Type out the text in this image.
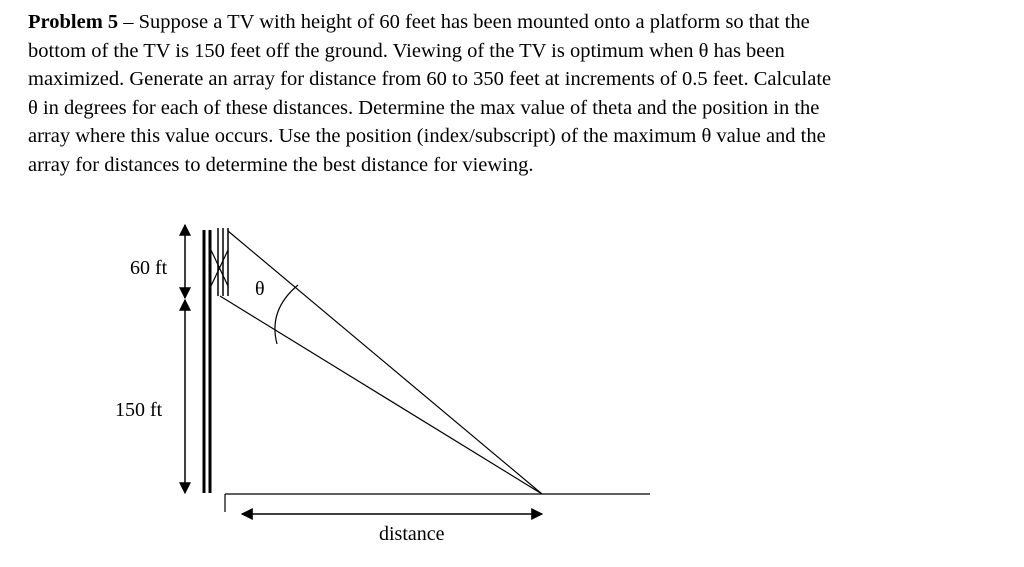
Problem 5 – Suppose a TV with height of 60 feet has been mounted onto a platform so that the
bottom of the TV is 150 feet off the ground. Viewing of the TV is optimum when θ has been
maximized. Generate an array for distance from 60 to 350 feet at increments of 0.5 feet. Calculate
θ in degrees for each of these distances. Determine the max value of theta and the position in the
array where this value occurs. Use the position (index/subscript) of the maximum θ value and the
array for distances to determine the best distance for viewing.
60 ft
150 ft
θ
distance
